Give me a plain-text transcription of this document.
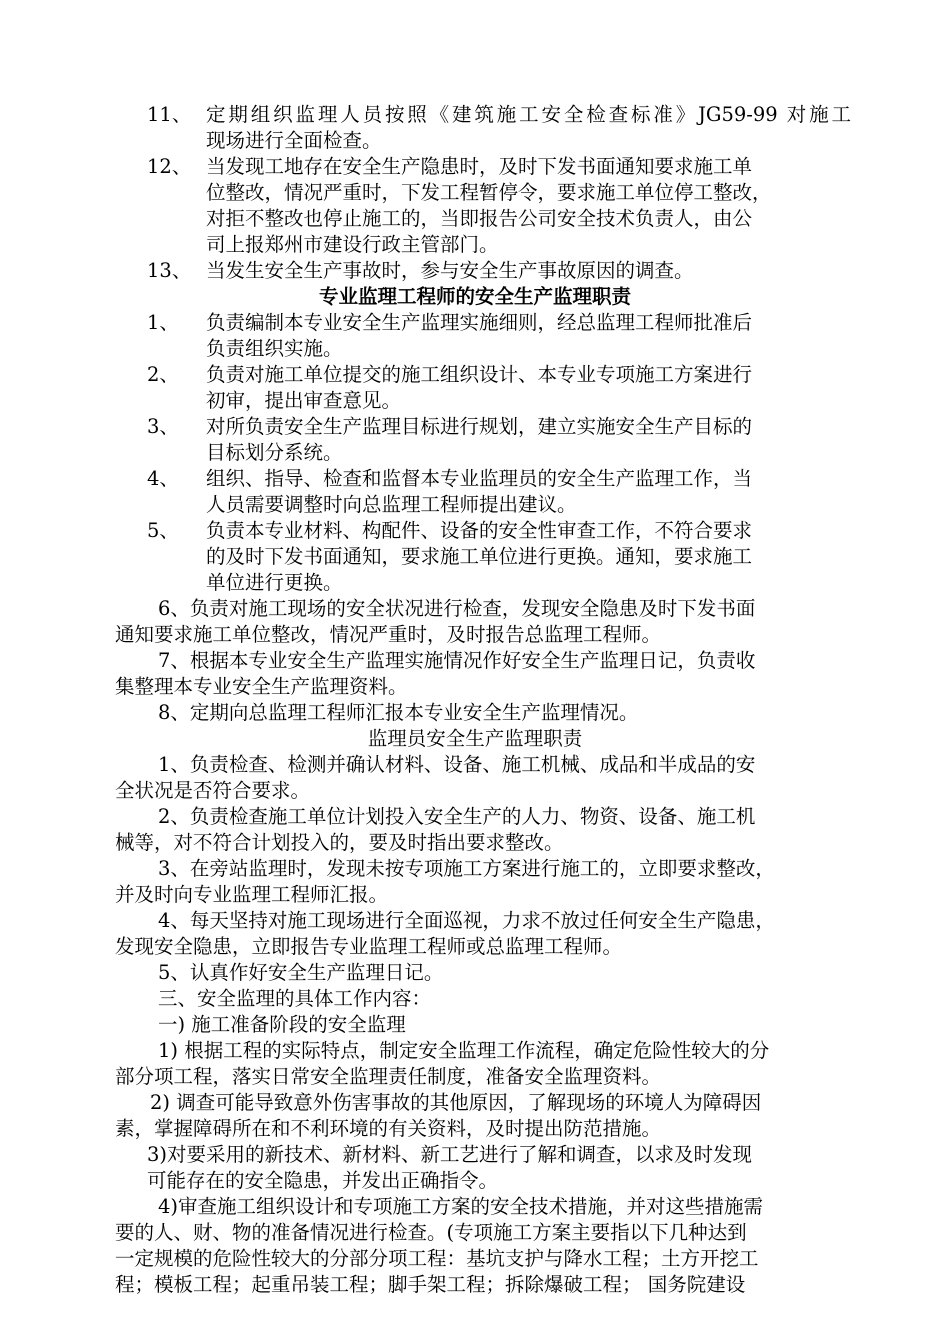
11、 定期组织监理人员按照《建筑施工安全检查标准》JG59-99 对施工
现场进行全面检查。
12、 当发现工地存在安全生产隐患时，及时下发书面通知要求施工单
位整改，情况严重时，下发工程暂停令，要求施工单位停工整改，
对拒不整改也停止施工的，当即报告公司安全技术负责人，由公
司上报郑州市建设行政主管部门。
13、 当发生安全生产事故时，参与安全生产事故原因的调查。
专业监理工程师的安全生产监理职责
1、 负责编制本专业安全生产监理实施细则，经总监理工程师批准后
负责组织实施。
2、 负责对施工单位提交的施工组织设计、本专业专项施工方案进行
初审，提出审查意见。
3、 对所负责安全生产监理目标进行规划，建立实施安全生产目标的
目标划分系统。
4、 组织、指导、检查和监督本专业监理员的安全生产监理工作，当
人员需要调整时向总监理工程师提出建议。
5、 负责本专业材料、构配件、设备的安全性审查工作，不符合要求
的及时下发书面通知，要求施工单位进行更换。通知，要求施工
单位进行更换。
6、负责对施工现场的安全状况进行检查，发现安全隐患及时下发书面
通知要求施工单位整改，情况严重时，及时报告总监理工程师。
7、根据本专业安全生产监理实施情况作好安全生产监理日记，负责收
集整理本专业安全生产监理资料。
8、定期向总监理工程师汇报本专业安全生产监理情况。
监理员安全生产监理职责
1、负责检查、检测并确认材料、设备、施工机械、成品和半成品的安
全状况是否符合要求。
2、负责检查施工单位计划投入安全生产的人力、物资、设备、施工机
械等，对不符合计划投入的，要及时指出要求整改。
3、在旁站监理时，发现未按专项施工方案进行施工的，立即要求整改，
并及时向专业监理工程师汇报。
4、每天坚持对施工现场进行全面巡视，力求不放过任何安全生产隐患，
发现安全隐患，立即报告专业监理工程师或总监理工程师。
5、认真作好安全生产监理日记。
三、安全监理的具体工作内容：
一) 施工准备阶段的安全监理
1) 根据工程的实际特点，制定安全监理工作流程，确定危险性较大的分
部分项工程，落实日常安全监理责任制度，准备安全监理资料。
2) 调查可能导致意外伤害事故的其他原因，了解现场的环境人为障碍因
素，掌握障碍所在和不利环境的有关资料，及时提出防范措施。
3)对要采用的新技术、新材料、新工艺进行了解和调查，以求及时发现
可能存在的安全隐患，并发出正确指令。
4)审查施工组织设计和专项施工方案的安全技术措施，并对这些措施需
要的人、财、物的准备情况进行检查。(专项施工方案主要指以下几种达到
一定规模的危险性较大的分部分项工程：基坑支护与降水工程；土方开挖工
程；模板工程；起重吊装工程；脚手架工程；拆除爆破工程； 国务院建设
